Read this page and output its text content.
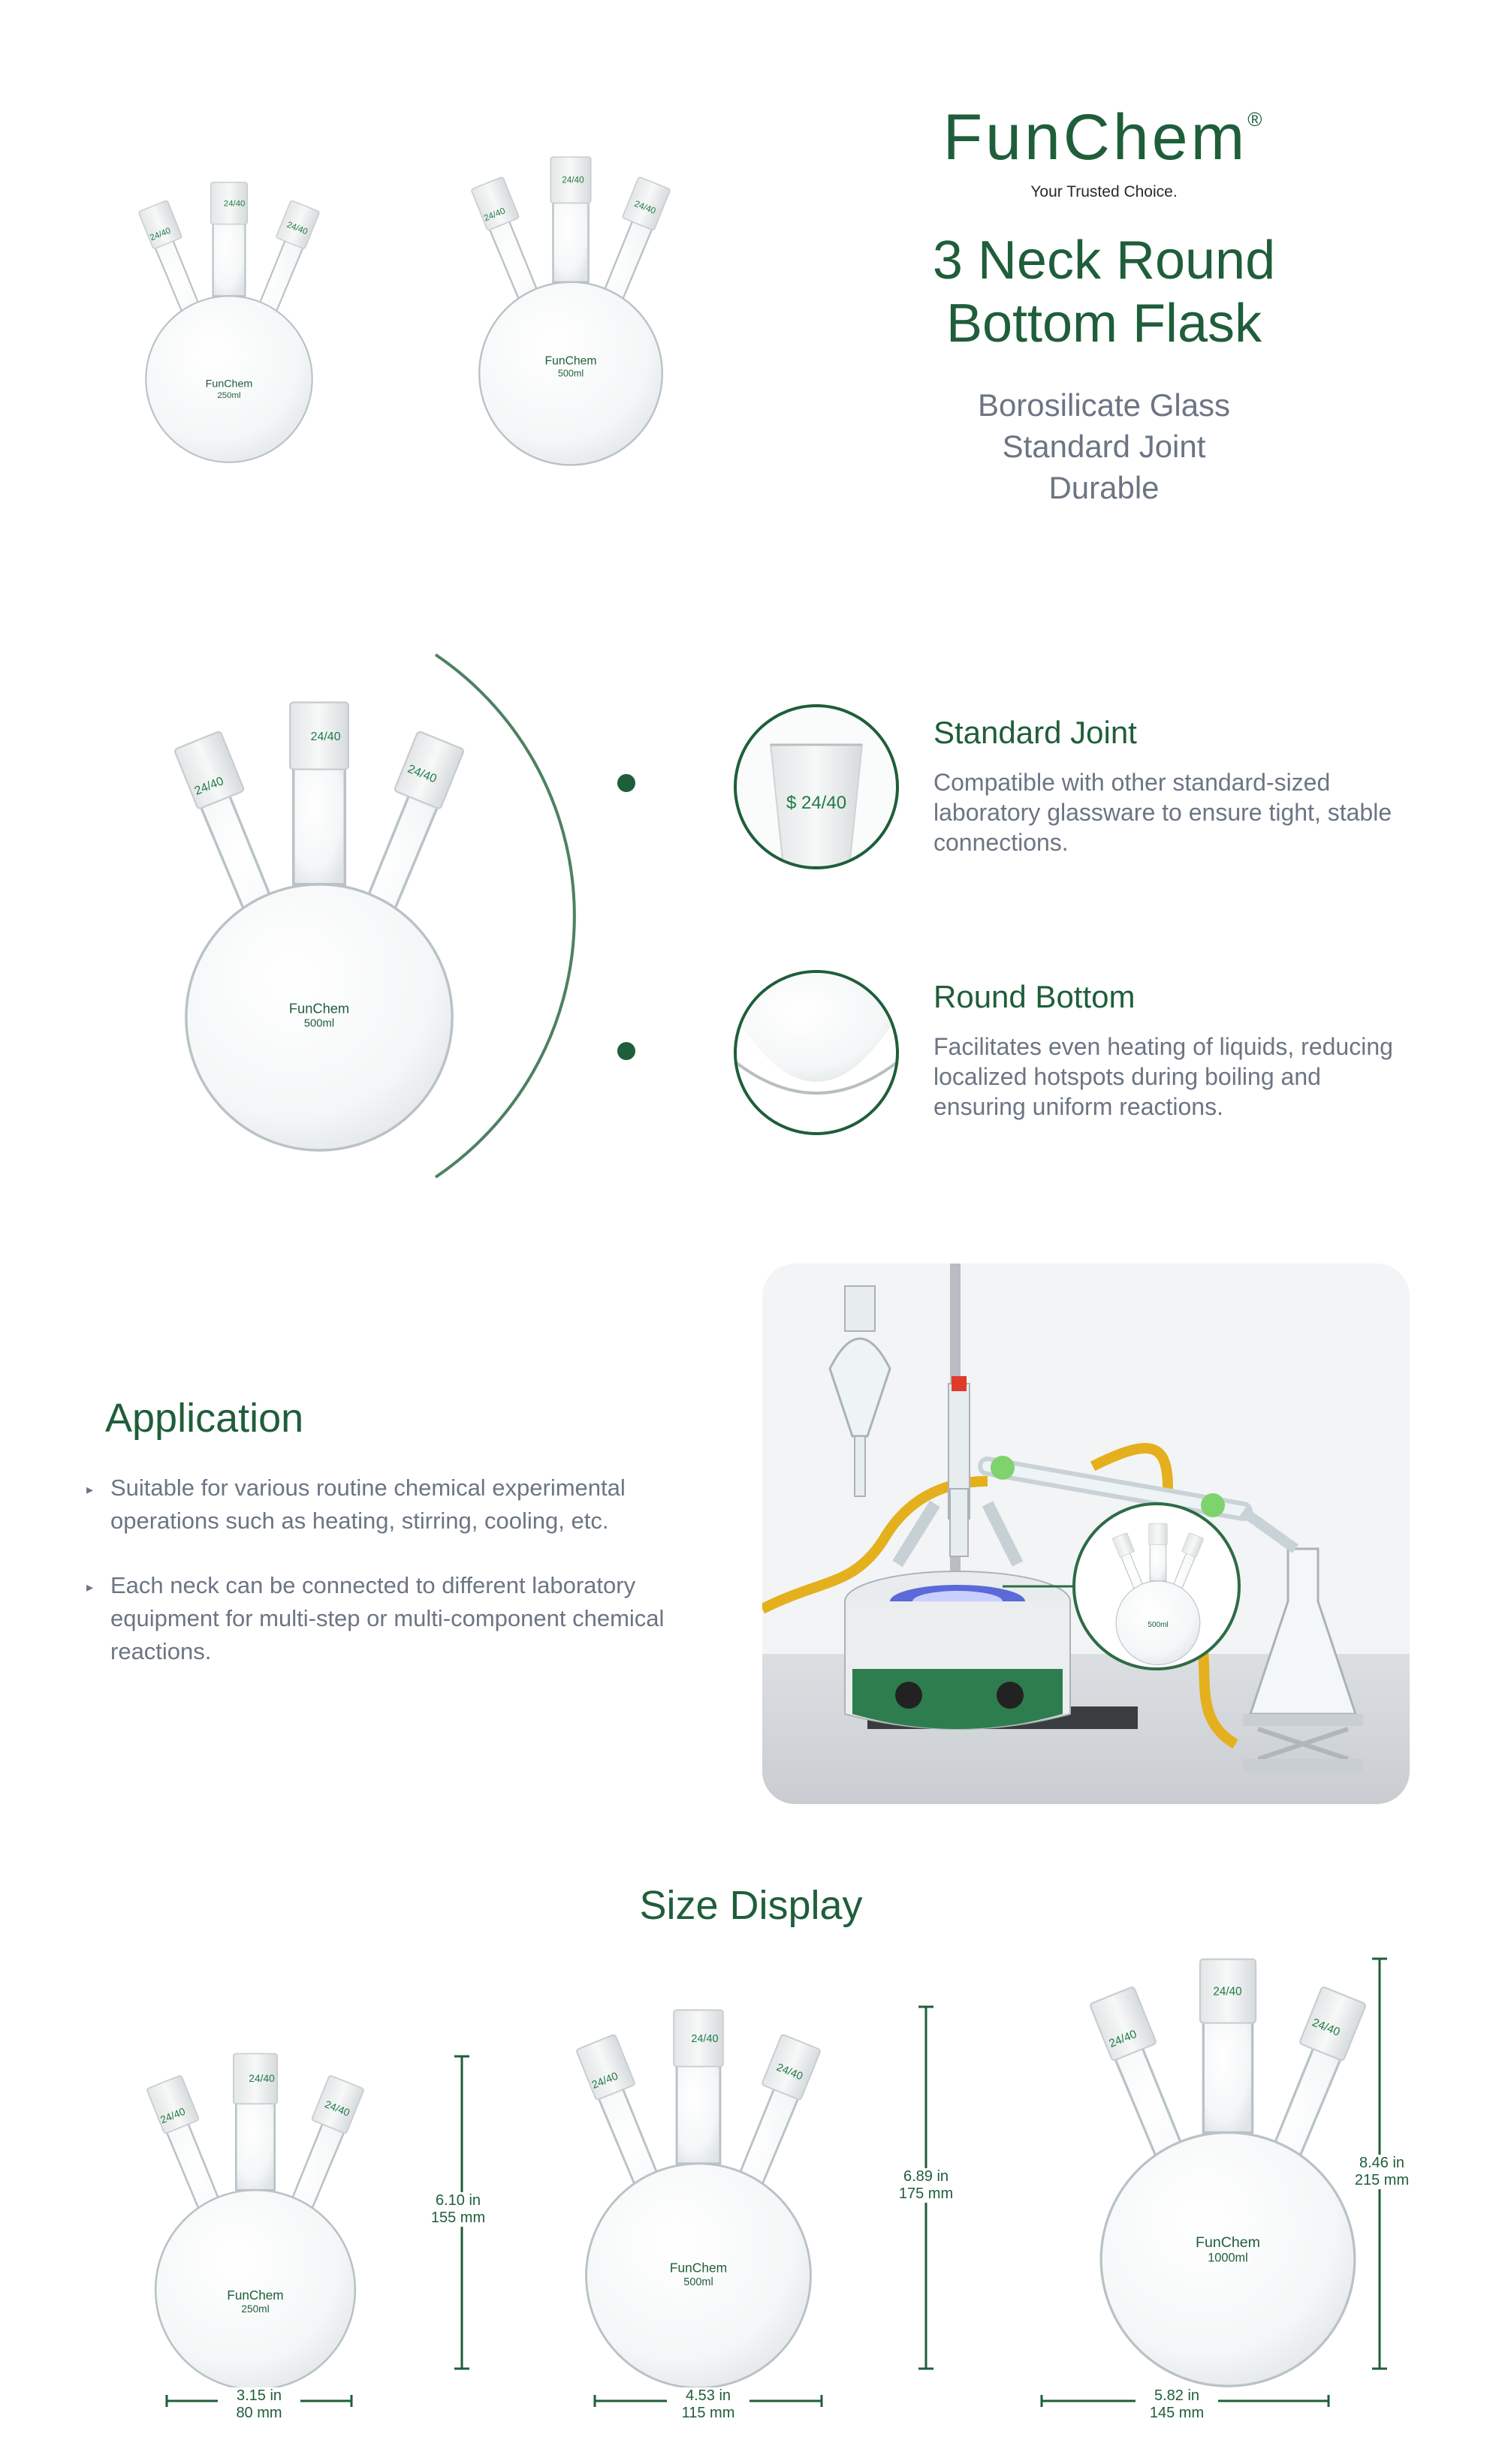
24/40
24/40	24/40
FunChem
250ml
24/40
24/40	24/40
FunChem
500ml
FunChem®
Your Trusted Choice.
3 Neck Round
Bottom Flask
Borosilicate Glass
Standard Joint
Durable
24/40
24/40
24/40
FunChem
500ml
$ 24/40
Standard Joint
Compatible with other standard-sized laboratory glassware to ensure tight, stable connections.
Round Bottom
Facilitates even heating of liquids, reducing localized hotspots during boiling and ensuring uniform reactions.
Application
▸ Suitable for various routine chemical experimental operations such as heating, stirring, cooling, etc.
▸ Each neck can be connected to different laboratory equipment for multi-step or multi-component chemical reactions.
500ml
Size Display
24/40
24/40	24/40
FunChem
250ml
6.10 in
155 mm
3.15 in
80 mm
24/40
24/40	24/40
FunChem
500ml
6.89 in
175 mm
4.53 in
115 mm
24/40
24/40
24/40
FunChem
1000ml
8.46 in
215 mm
5.82 in
145 mm
